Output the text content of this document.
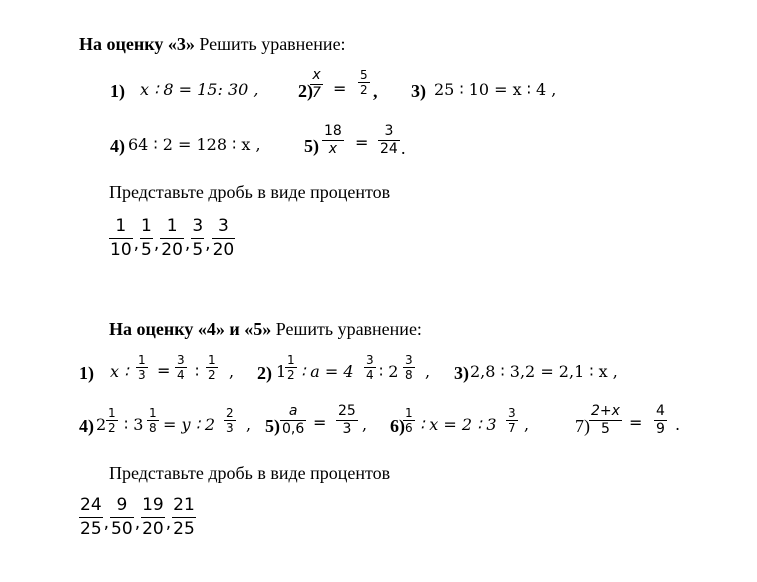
На оценку «3» Решить уравнение:
1) x ∶ 8 = 15: 30 , 2)
$\frac{x}{7} = \frac{5}{2}$ , 3) 25 ∶ 10 = x ∶ 4 ,
4) 64 ∶ 2 = 128 ∶ x , $5) \frac{18}{x} = \frac{3}{24}$ .
Представьте дробь в виде процентов
$\frac{1}{10}$ , $\frac{1}{5}$ , $\frac{1}{20}$ , $\frac{3}{5}$ , $\frac{3}{20}$
На оценку «4» и «5» Решить уравнение:
1) x ∶ $\frac{1}{3} = \frac{3}{4}$ ∶ $\frac{1}{2}$ , 2) 1
$\frac{1}{2}$ ∶ $a = 4 \frac{3}{4}$ ∶ $2 \frac{3}{8}$ , 3) 2,8 ∶ 3,2 = 2,1 ∶ x ,
4) $2 \frac{1}{2}$ ∶ $3 \frac{1}{8} = y$ ∶ $2 \frac{2}{3}$ , $5) \frac{a}{0,6} = \frac{25}{3}$ , 6)
$\frac{1}{6}$ ∶ x = 2 ∶ $3 \frac{3}{7}$ ,	$7) \frac{2+x}{5} = \frac{4}{9}$ .
Представьте дробь в виде процентов
$\frac{24}{25}$ , $\frac{9}{50}$ , $\frac{19}{20}$ , $\frac{21}{25}$
